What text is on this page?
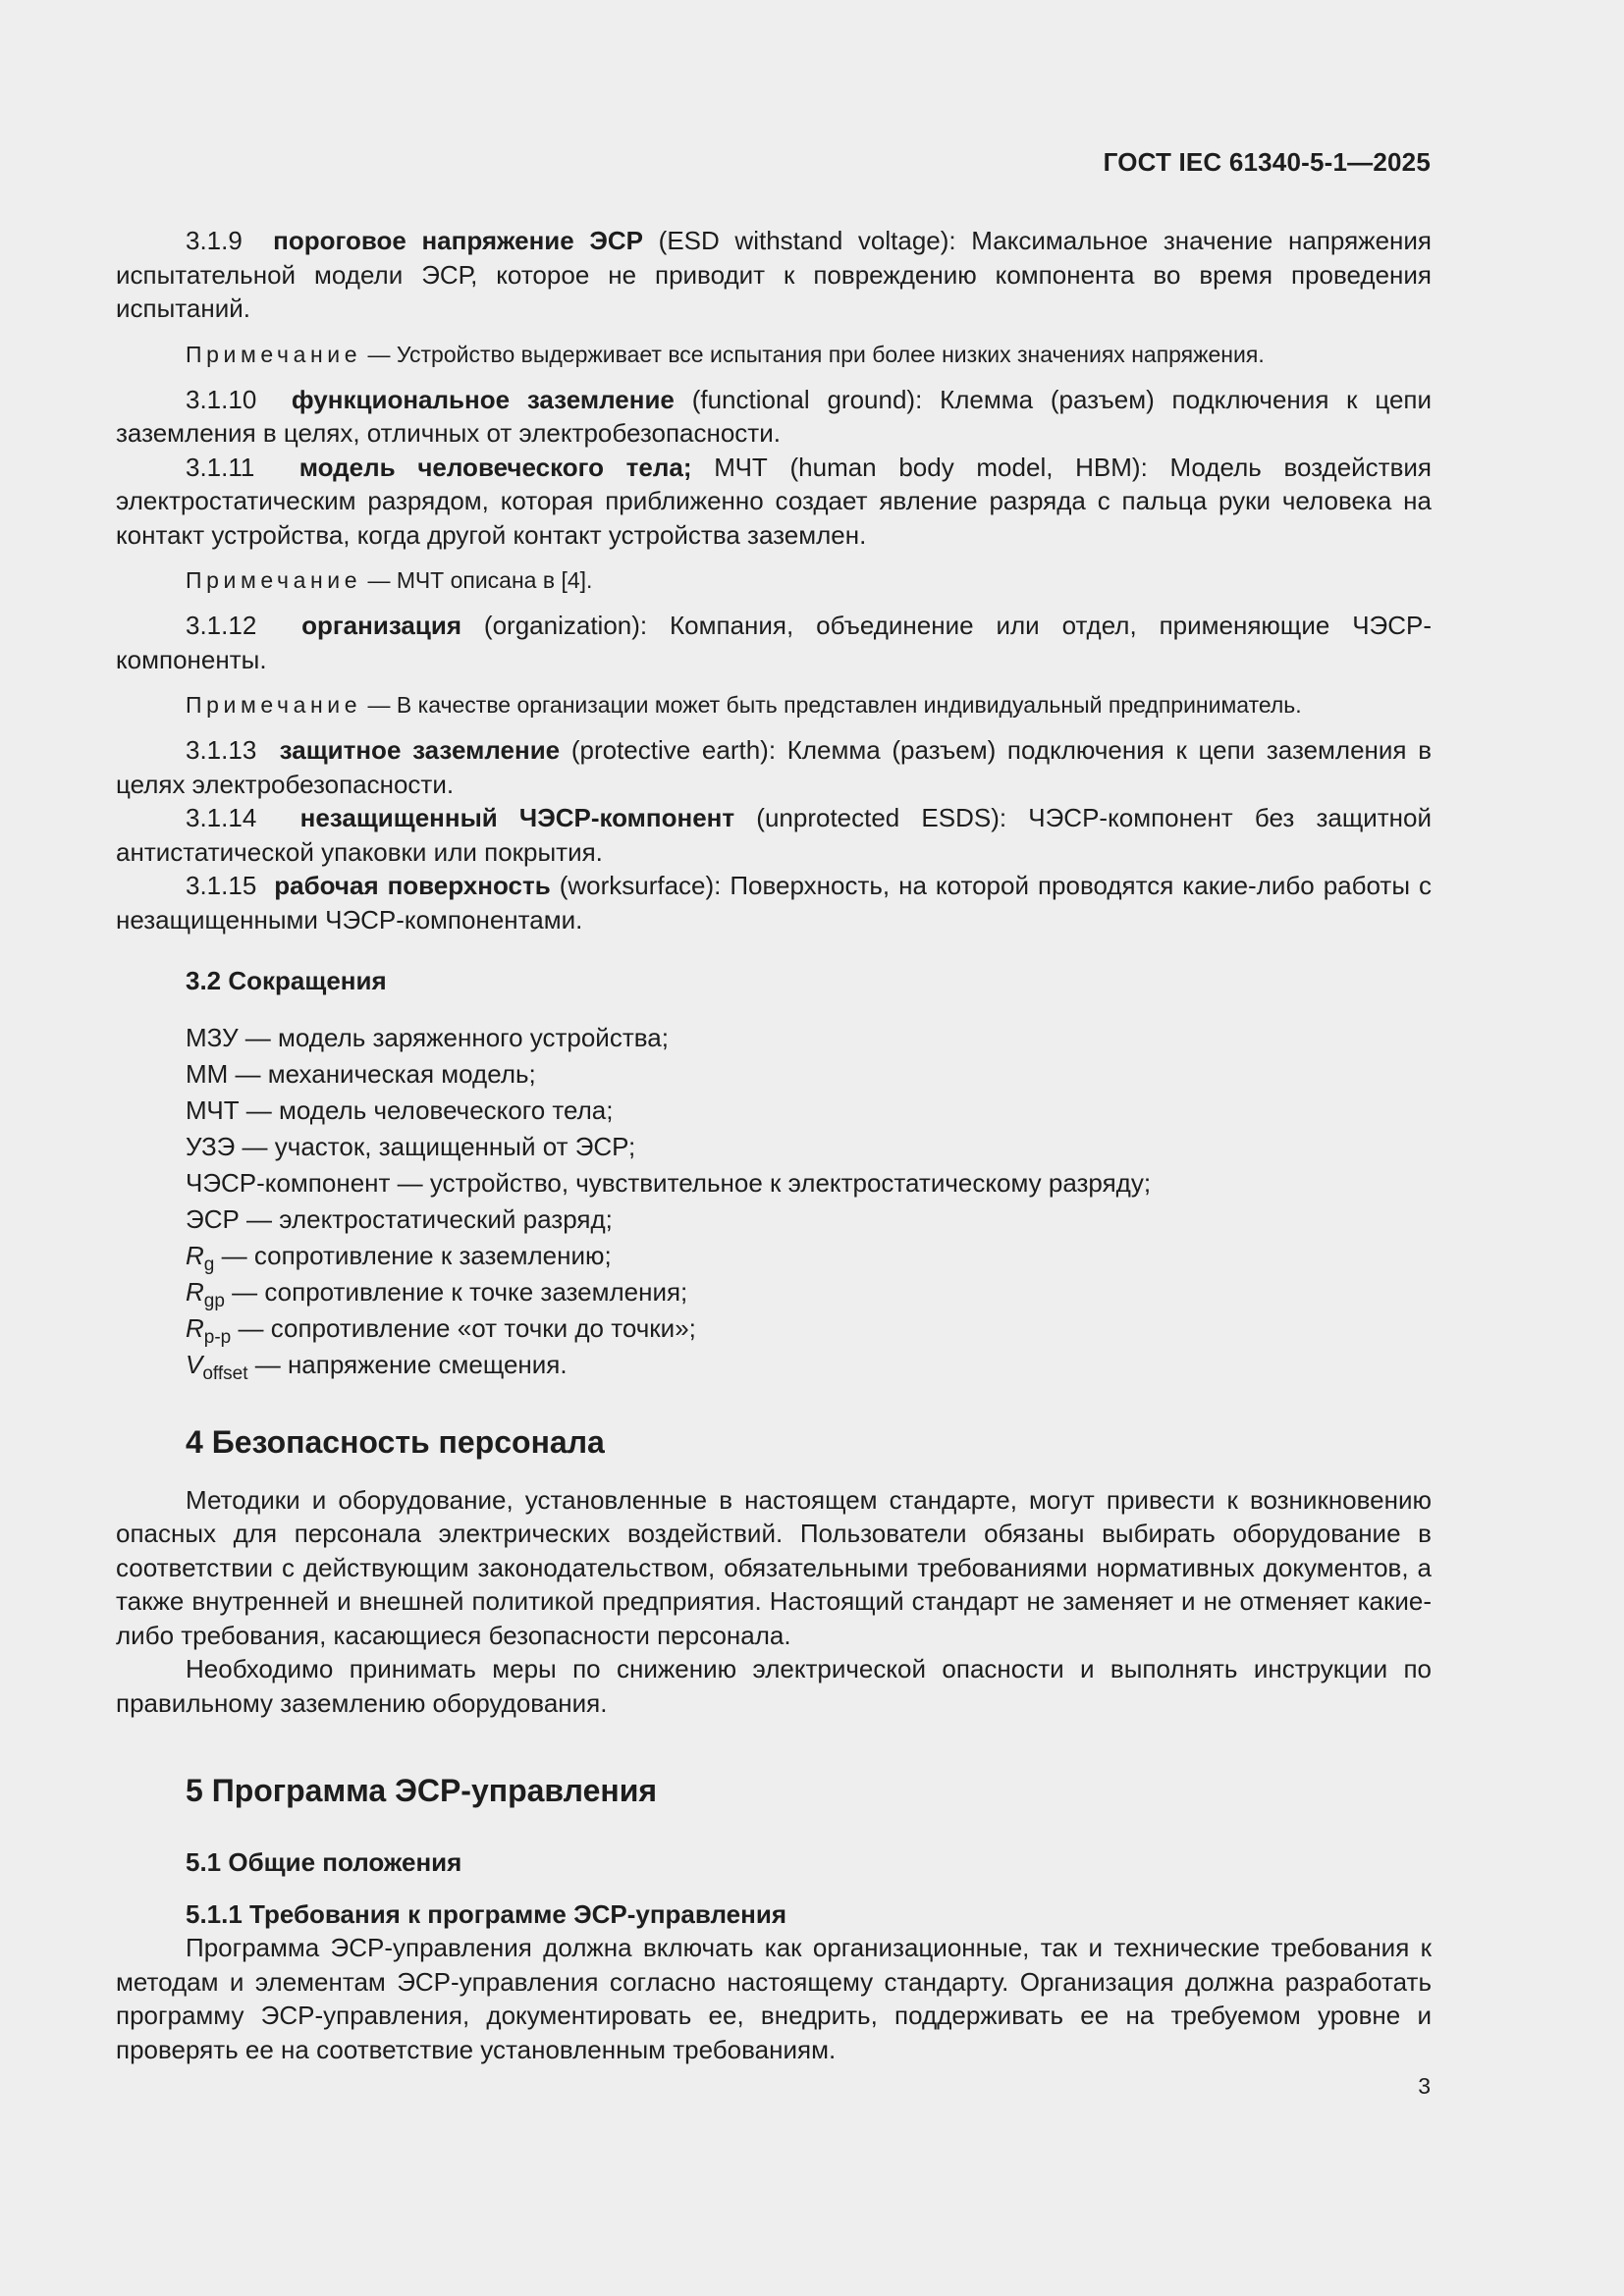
ГОСТ IEC 61340-5-1—2025

3.1.9 пороговое напряжение ЭСР (ESD withstand voltage): Максимальное значение напряжения испытательной модели ЭСР, которое не приводит к повреждению компонента во время проведения испытаний.

Примечание — Устройство выдерживает все испытания при более низких значениях напряжения.

3.1.10 функциональное заземление (functional ground): Клемма (разъем) подключения к цепи заземления в целях, отличных от электробезопасности.

3.1.11 модель человеческого тела; МЧТ (human body model, HBM): Модель воздействия электростатическим разрядом, которая приближенно создает явление разряда с пальца руки человека на контакт устройства, когда другой контакт устройства заземлен.

Примечание — МЧТ описана в [4].

3.1.12 организация (organization): Компания, объединение или отдел, применяющие ЧЭСР-компоненты.

Примечание — В качестве организации может быть представлен индивидуальный предприниматель.

3.1.13 защитное заземление (protective earth): Клемма (разъем) подключения к цепи заземления в целях электробезопасности.

3.1.14 незащищенный ЧЭСР-компонент (unprotected ESDS): ЧЭСР-компонент без защитной антистатической упаковки или покрытия.

3.1.15 рабочая поверхность (worksurface): Поверхность, на которой проводятся какие-либо работы с незащищенными ЧЭСР-компонентами.

3.2 Сокращения
МЗУ — модель заряженного устройства;
ММ — механическая модель;
МЧТ — модель человеческого тела;
УЗЭ — участок, защищенный от ЭСР;
ЧЭСР-компонент — устройство, чувствительное к электростатическому разряду;
ЭСР — электростатический разряд;
$R_g$ — сопротивление к заземлению;
$R_{gp}$ — сопротивление к точке заземления;
$R_{p-p}$ — сопротивление «от точки до точки»;
$V_{offset}$ — напряжение смещения.
4 Безопасность персонала

Методики и оборудование, установленные в настоящем стандарте, могут привести к возникновению опасных для персонала электрических воздействий. Пользователи обязаны выбирать оборудование в соответствии с действующим законодательством, обязательными требованиями нормативных документов, а также внутренней и внешней политикой предприятия. Настоящий стандарт не заменяет и не отменяет какие-либо требования, касающиеся безопасности персонала.

Необходимо принимать меры по снижению электрической опасности и выполнять инструкции по правильному заземлению оборудования.

5 Программа ЭСР-управления
5.1 Общие положения
5.1.1 Требования к программе ЭСР-управления

Программа ЭСР-управления должна включать как организационные, так и технические требования к методам и элементам ЭСР-управления согласно настоящему стандарту. Организация должна разработать программу ЭСР-управления, документировать ее, внедрить, поддерживать ее на требуемом уровне и проверять ее на соответствие установленным требованиям.

3
